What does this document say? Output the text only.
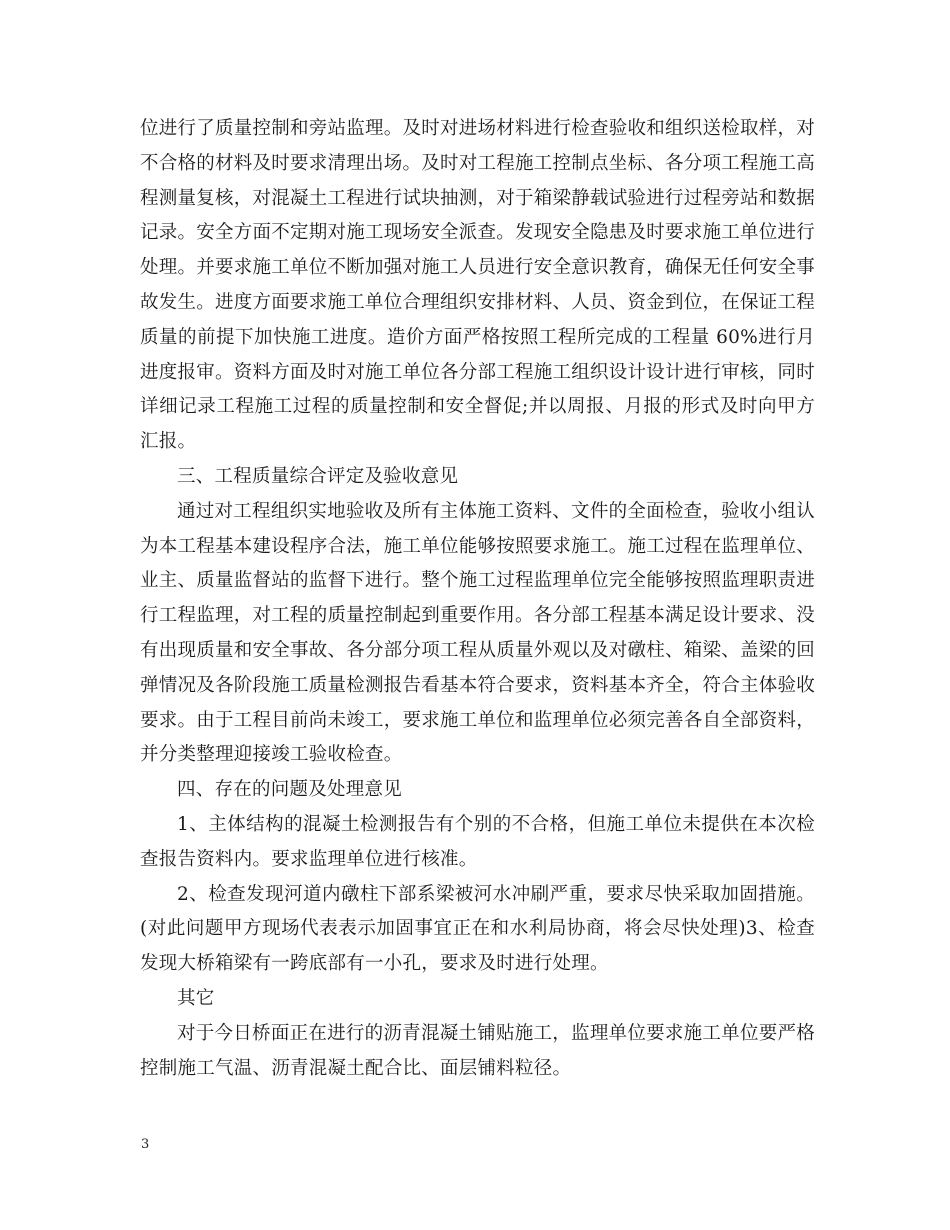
位进行了质量控制和旁站监理。及时对进场材料进行检查验收和组织送检取样，对不合格的材料及时要求清理出场。及时对工程施工控制点坐标、各分项工程施工高程测量复核，对混凝土工程进行试块抽测，对于箱梁静载试验进行过程旁站和数据记录。安全方面不定期对施工现场安全派查。发现安全隐患及时要求施工单位进行处理。并要求施工单位不断加强对施工人员进行安全意识教育，确保无任何安全事故发生。进度方面要求施工单位合理组织安排材料、人员、资金到位，在保证工程质量的前提下加快施工进度。造价方面严格按照工程所完成的工程量 60%进行月进度报审。资料方面及时对施工单位各分部工程施工组织设计设计进行审核，同时详细记录工程施工过程的质量控制和安全督促;并以周报、月报的形式及时向甲方汇报。

三、工程质量综合评定及验收意见

通过对工程组织实地验收及所有主体施工资料、文件的全面检查，验收小组认为本工程基本建设程序合法，施工单位能够按照要求施工。施工过程在监理单位、业主、质量监督站的监督下进行。整个施工过程监理单位完全能够按照监理职责进行工程监理，对工程的质量控制起到重要作用。各分部工程基本满足设计要求、没有出现质量和安全事故、各分部分项工程从质量外观以及对礅柱、箱梁、盖梁的回弹情况及各阶段施工质量检测报告看基本符合要求，资料基本齐全，符合主体验收要求。由于工程目前尚未竣工，要求施工单位和监理单位必须完善各自全部资料，并分类整理迎接竣工验收检查。

四、存在的问题及处理意见

1、主体结构的混凝土检测报告有个别的不合格，但施工单位未提供在本次检查报告资料内。要求监理单位进行核准。

2、检查发现河道内礅柱下部系梁被河水冲刷严重，要求尽快采取加固措施。(对此问题甲方现场代表表示加固事宜正在和水利局协商，将会尽快处理)3、检查发现大桥箱梁有一跨底部有一小孔，要求及时进行处理。

其它

对于今日桥面正在进行的沥青混凝土铺贴施工，监理单位要求施工单位要严格控制施工气温、沥青混凝土配合比、面层铺料粒径。

3
